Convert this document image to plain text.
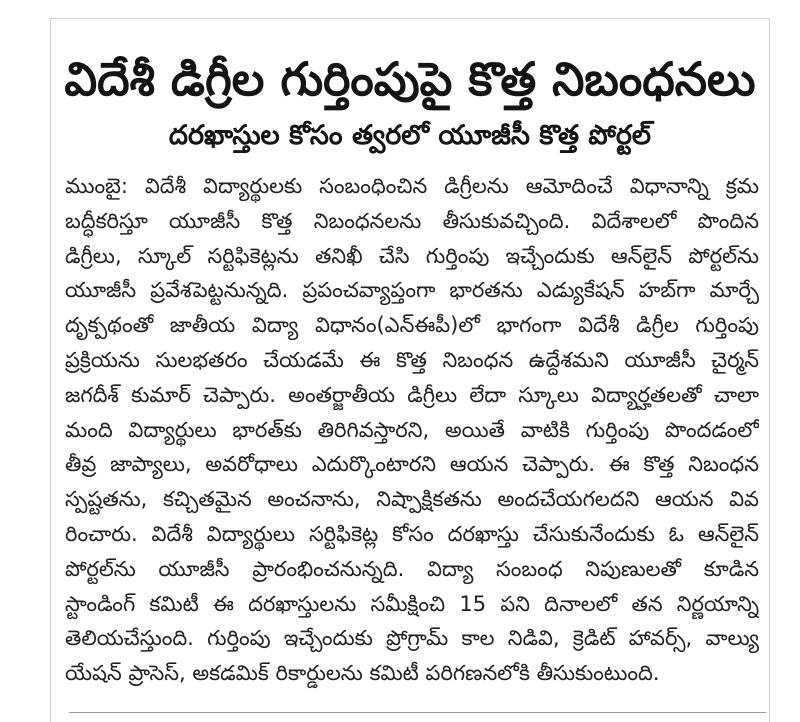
విదేశీ డిగ్రీల గుర్తింపుపై కొత్త నిబంధనలు
దరఖాస్తుల కోసం త్వరలో యూజీసీ కొత్త పోర్టల్
ముంబై: విదేశీ విద్యార్థులకు సంబంధించిన డిగ్రీలను ఆమోదించే విధానాన్ని క్రమ
బద్ధీకరిస్తూ యూజీసీ కొత్త నిబంధనలను తీసుకువచ్చింది. విదేశాలలో పొందిన
డిగ్రీలు, స్కూల్ సర్టిఫికెట్లను తనిఖీ చేసి గుర్తింపు ఇచ్చేందుకు ఆన్‌లైన్ పోర్టల్‌ను
యూజీసీ ప్రవేశపెట్టనున్నది. ప్రపంచవ్యాప్తంగా భారతను ఎడ్యుకేషన్ హబ్‌గా మార్చే
దృక్పథంతో జాతీయ విద్యా విధానం(ఎన్ఈపీ)లో భాగంగా విదేశీ డిగ్రీల గుర్తింపు
ప్రక్రియను సులభతరం చేయడమే ఈ కొత్త నిబంధన ఉద్దేశమని యూజీసీ చైర్మన్
జగదీశ్ కుమార్ చెప్పారు. అంతర్జాతీయ డిగ్రీలు లేదా స్కూలు విద్యార్హతలతో చాలా
మంది విద్యార్థులు భారత్‌కు తిరిగివస్తారని, అయితే వాటికి గుర్తింపు పొందడంలో
తీవ్ర జాప్యాలు, అవరోధాలు ఎదుర్కొంటారని ఆయన చెప్పారు. ఈ కొత్త నిబంధన
స్పష్టతను, కచ్చితమైన అంచనాను, నిష్పాక్షికతను అందచేయగలదని ఆయన వివ
రించారు. విదేశీ విద్యార్థులు సర్టిఫికెట్ల కోసం దరఖాస్తు చేసుకునేందుకు ఓ ఆన్‌లైన్
పోర్టల్‌ను యూజీసీ ప్రారంభించనున్నది. విద్యా సంబంధ నిపుణులతో కూడిన
స్టాండింగ్ కమిటీ ఈ దరఖాస్తులను సమీక్షించి 15 పని దినాలలో తన నిర్ణయాన్ని
తెలియచేస్తుంది. గుర్తింపు ఇచ్చేందుకు ప్రోగ్రామ్ కాల నిడివి, క్రెడిట్ హావర్స్, వాల్యు
యేషన్ ప్రాసెస్, అకడమిక్ రికార్డులను కమిటీ పరిగణనలోకి తీసుకుంటుంది.
